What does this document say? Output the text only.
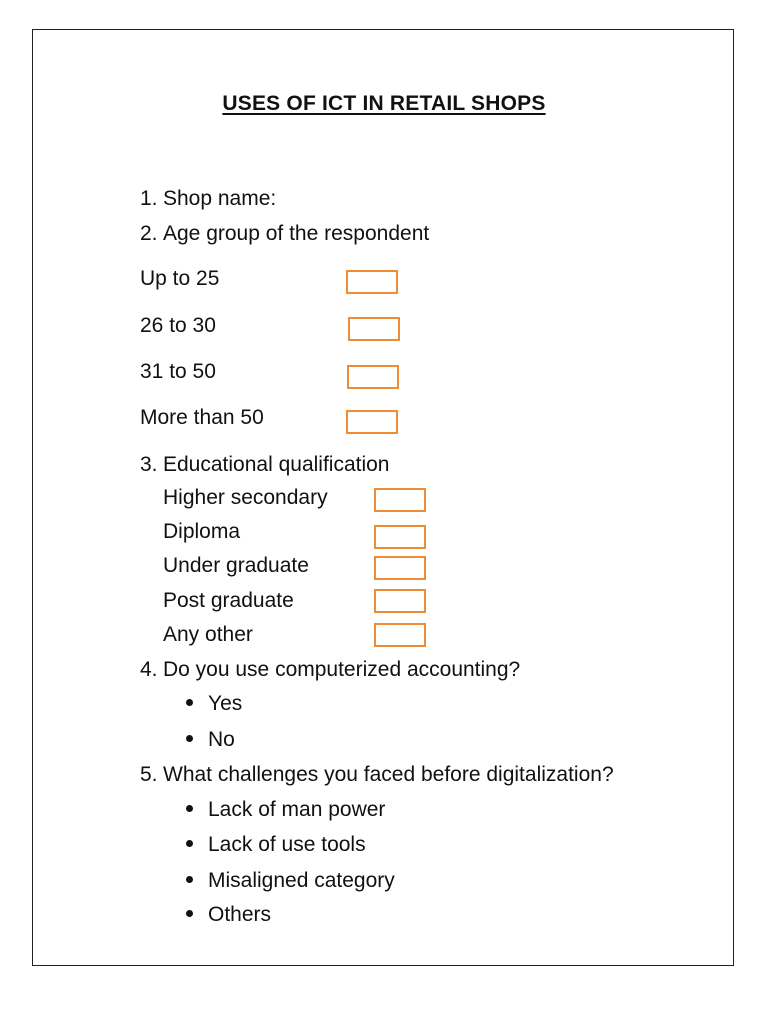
USES OF ICT IN RETAIL SHOPS
1. Shop name:
2. Age group of the respondent
Up to 25
26 to 30
31 to 50
More than 50
3. Educational qualification
Higher secondary
Diploma
Under graduate
Post graduate
Any other
4. Do you use computerized accounting?
Yes
No
5. What challenges you faced before digitalization?
Lack of man power
Lack of use tools
Misaligned category
Others
